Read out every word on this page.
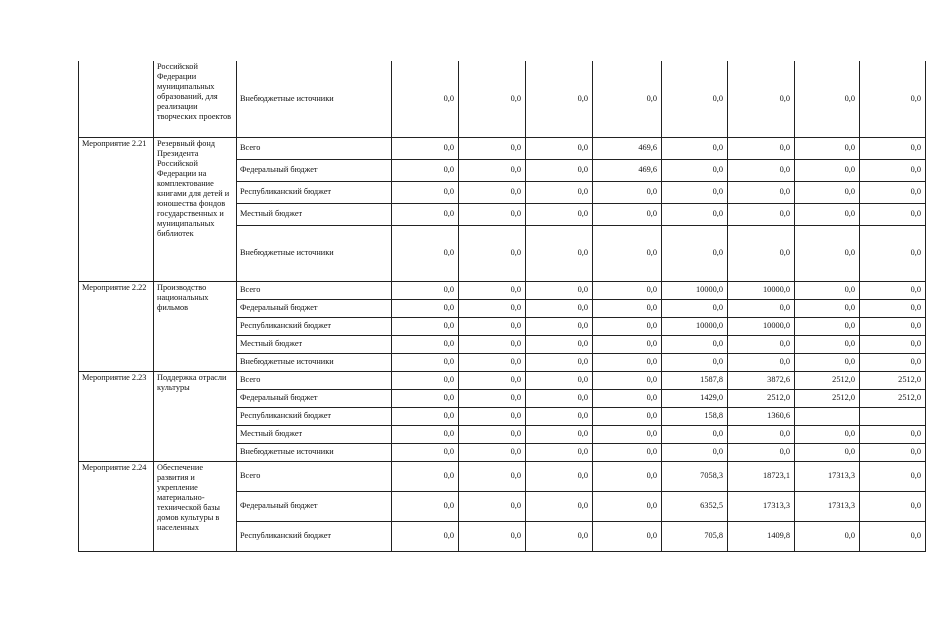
	Российской Федерации муниципальных образований, для реализации творческих проектов	Внебюджетные источники	0,0	0,0	0,0	0,0	0,0	0,0	0,0	0,0
Мероприятие 2.21	Резервный фонд Президента Российской Федерации на комплектование книгами для детей и юношества фондов государственных и муниципальных библиотек	Всего	0,0	0,0	0,0	469,6	0,0	0,0	0,0	0,0
		Федеральный бюджет	0,0	0,0	0,0	469,6	0,0	0,0	0,0	0,0
		Республиканский бюджет	0,0	0,0	0,0	0,0	0,0	0,0	0,0	0,0
		Местный бюджет	0,0	0,0	0,0	0,0	0,0	0,0	0,0	0,0
		Внебюджетные источники	0,0	0,0	0,0	0,0	0,0	0,0	0,0	0,0
Мероприятие 2.22	Производство национальных фильмов	Всего	0,0	0,0	0,0	0,0	10000,0	10000,0	0,0	0,0
		Федеральный бюджет	0,0	0,0	0,0	0,0	0,0	0,0	0,0	0,0
		Республиканский бюджет	0,0	0,0	0,0	0,0	10000,0	10000,0	0,0	0,0
		Местный бюджет	0,0	0,0	0,0	0,0	0,0	0,0	0,0	0,0
		Внебюджетные источники	0,0	0,0	0,0	0,0	0,0	0,0	0,0	0,0
Мероприятие 2.23	Поддержка отрасли культуры	Всего	0,0	0,0	0,0	0,0	1587,8	3872,6	2512,0	2512,0
		Федеральный бюджет	0,0	0,0	0,0	0,0	1429,0	2512,0	2512,0	2512,0
		Республиканский бюджет	0,0	0,0	0,0	0,0	158,8	1360,6		
		Местный бюджет	0,0	0,0	0,0	0,0	0,0	0,0	0,0	0,0
		Внебюджетные источники	0,0	0,0	0,0	0,0	0,0	0,0	0,0	0,0
Мероприятие 2.24	Обеспечение развития и укрепление материально-технической базы домов культуры в населенных	Всего	0,0	0,0	0,0	0,0	7058,3	18723,1	17313,3	0,0
		Федеральный бюджет	0,0	0,0	0,0	0,0	6352,5	17313,3	17313,3	0,0
		Республиканский бюджет	0,0	0,0	0,0	0,0	705,8	1409,8	0,0	0,0
